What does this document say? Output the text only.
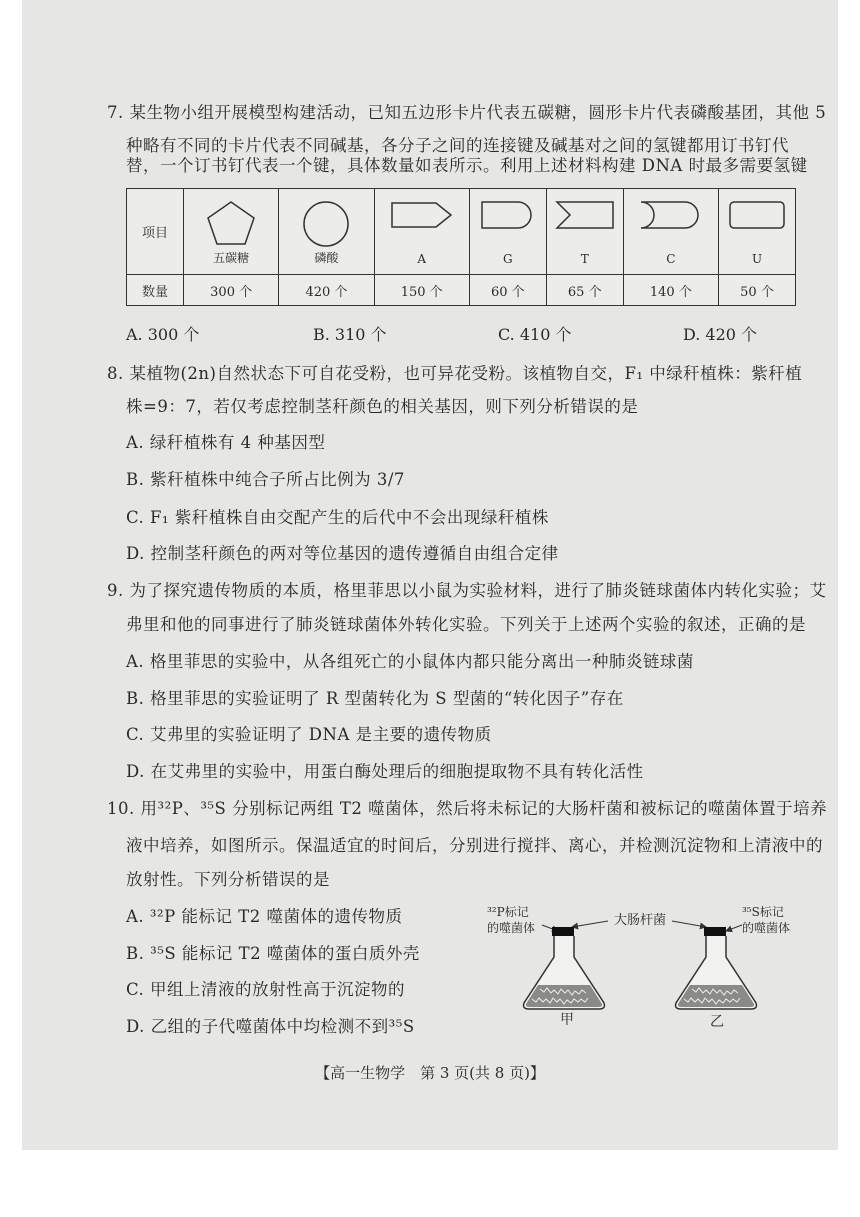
7. 某生物小组开展模型构建活动，已知五边形卡片代表五碳糖，圆形卡片代表磷酸基团，其他 5
种略有不同的卡片代表不同碱基，各分子之间的连接键及碱基对之间的氢键都用订书钉代
替，一个订书钉代表一个键，具体数量如表所示。利用上述材料构建 DNA 时最多需要氢键
项目	五碳糖	磷酸	A	G	T	C	U

数量	300 个	420 个	150 个	60 个	65 个	140 个	50 个
A. 300 个	B. 310 个	C. 410 个	D. 420 个
8. 某植物(2n)自然状态下可自花受粉，也可异花受粉。该植物自交，F₁ 中绿秆植株：紫秆植
株=9：7，若仅考虑控制茎秆颜色的相关基因，则下列分析错误的是
A. 绿秆植株有 4 种基因型
B. 紫秆植株中纯合子所占比例为 3/7
C. F₁ 紫秆植株自由交配产生的后代中不会出现绿秆植株
D. 控制茎秆颜色的两对等位基因的遗传遵循自由组合定律
9. 为了探究遗传物质的本质，格里菲思以小鼠为实验材料，进行了肺炎链球菌体内转化实验；艾
弗里和他的同事进行了肺炎链球菌体外转化实验。下列关于上述两个实验的叙述，正确的是
A. 格里菲思的实验中，从各组死亡的小鼠体内都只能分离出一种肺炎链球菌
B. 格里菲思的实验证明了 R 型菌转化为 S 型菌的“转化因子”存在
C. 艾弗里的实验证明了 DNA 是主要的遗传物质
D. 在艾弗里的实验中，用蛋白酶处理后的细胞提取物不具有转化活性
10. 用³²P、³⁵S 分别标记两组 T2 噬菌体，然后将未标记的大肠杆菌和被标记的噬菌体置于培养
液中培养，如图所示。保温适宜的时间后，分别进行搅拌、离心，并检测沉淀物和上清液中的
放射性。下列分析错误的是
A. ³²P 能标记 T2 噬菌体的遗传物质
B. ³⁵S 能标记 T2 噬菌体的蛋白质外壳
C. 甲组上清液的放射性高于沉淀物的
D. 乙组的子代噬菌体中均检测不到³⁵S
³²P标记
的噬菌体	大肠杆菌
³⁵S标记
的噬菌体
甲	乙
【高一生物学　第 3 页(共 8 页)】
